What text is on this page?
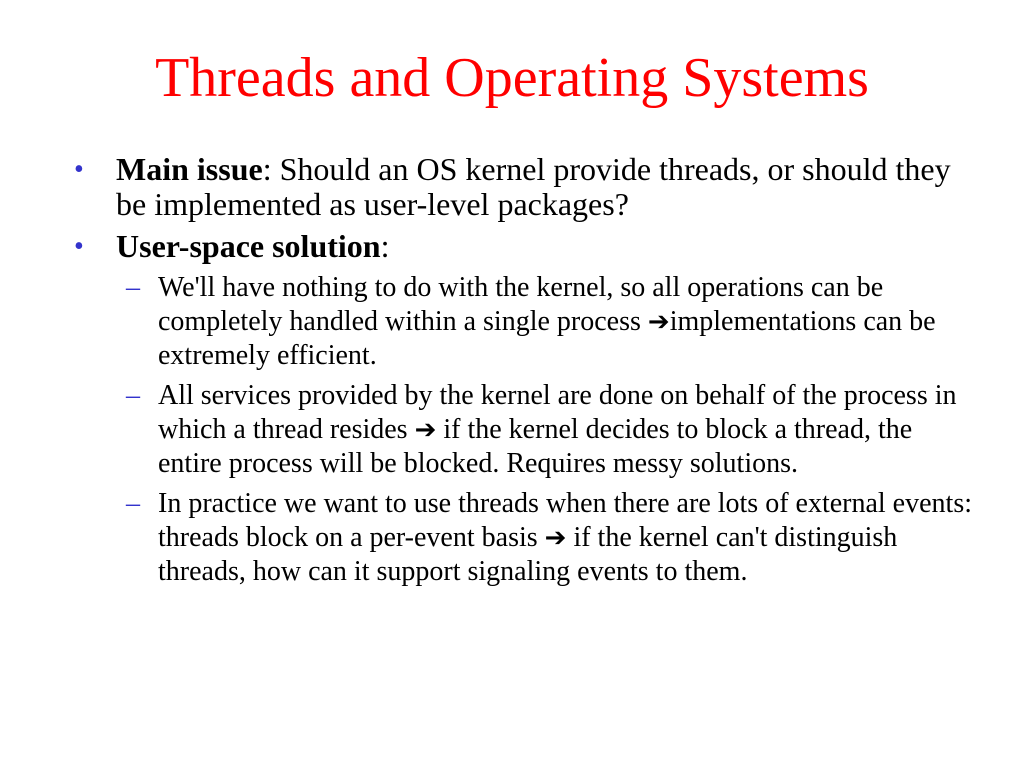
Threads and Operating Systems
• Main issue: Should an OS kernel provide threads, or should they be implemented as user-level packages?
• User-space solution:
– We'll have nothing to do with the kernel, so all operations can be completely handled within a single process ➔implementations can be extremely efficient.
– All services provided by the kernel are done on behalf of the process in which a thread resides ➔ if the kernel decides to block a thread, the entire process will be blocked. Requires messy solutions.
– In practice we want to use threads when there are lots of external events: threads block on a per-event basis ➔ if the kernel can't distinguish threads, how can it support signaling events to them.
